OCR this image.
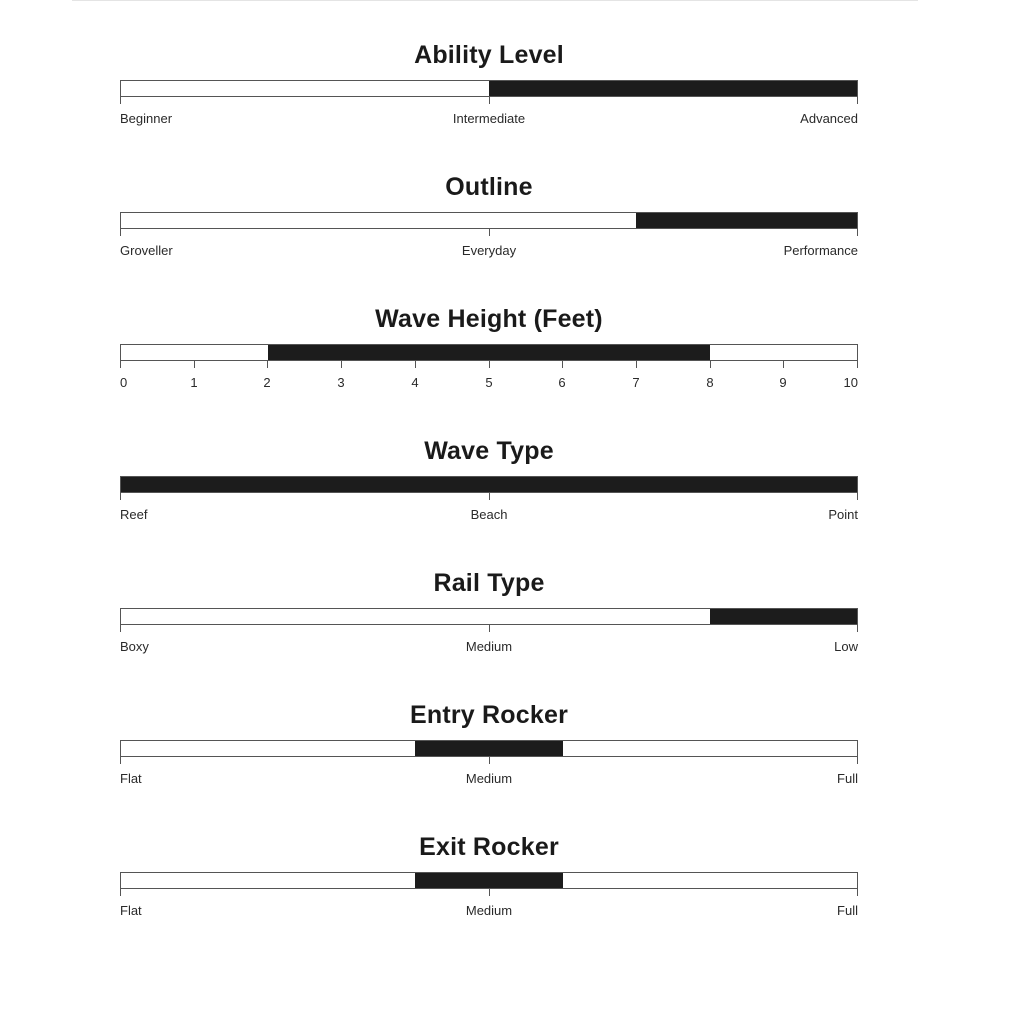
Ability Level
Beginner	Intermediate	Advanced
Outline
Groveller	Everyday	Performance
Wave Height (Feet)
0	1	2	3	4	5	6	7	8	9	10
Wave Type
Reef	Beach	Point
Rail Type
Boxy	Medium	Low
Entry Rocker
Flat	Medium	Full
Exit Rocker
Flat	Medium	Full
